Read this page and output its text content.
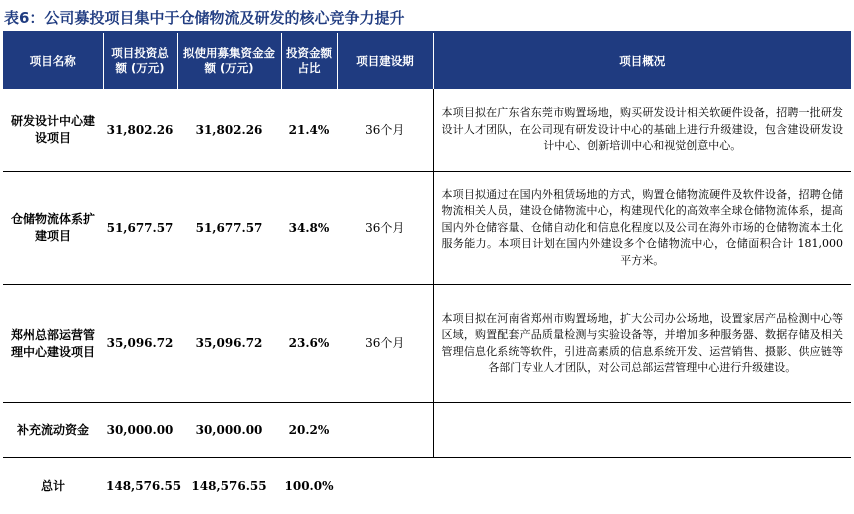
表6：公司募投项目集中于仓储物流及研发的核心竞争力提升
项目名称	项目投资总额 (万元)	拟使用募集资金金额 (万元)	投资金额占比	项目建设期	项目概况
研发设计中心建设项目	31,802.26	31,802.26	21.4%	36个月	本项目拟在广东省东莞市购置场地，购买研发设计相关软硬件设备，招聘一批研发设计人才团队，在公司现有研发设计中心的基础上进行升级建设，包含建设研发设计中心、创新培训中心和视觉创意中心。
仓储物流体系扩建项目	51,677.57	51,677.57	34.8%	36个月	本项目拟通过在国内外租赁场地的方式，购置仓储物流硬件及软件设备，招聘仓储物流相关人员，建设仓储物流中心，构建现代化的高效率全球仓储物流体系，提高国内外仓储容量、仓储自动化和信息化程度以及公司在海外市场的仓储物流本土化服务能力。本项目计划在国内外建设多个仓储物流中心，仓储面积合计 181,000 平方米。
郑州总部运营管理中心建设项目	35,096.72	35,096.72	23.6%	36个月	本项目拟在河南省郑州市购置场地，扩大公司办公场地，设置家居产品检测中心等区域，购置配套产品质量检测与实验设备等，并增加多种服务器、数据存储及相关管理信息化系统等软件，引进高素质的信息系统开发、运营销售、摄影、供应链等各部门专业人才团队，对公司总部运营管理中心进行升级建设。
补充流动资金	30,000.00	30,000.00	20.2%		
总计	148,576.55	148,576.55	100.0%		
